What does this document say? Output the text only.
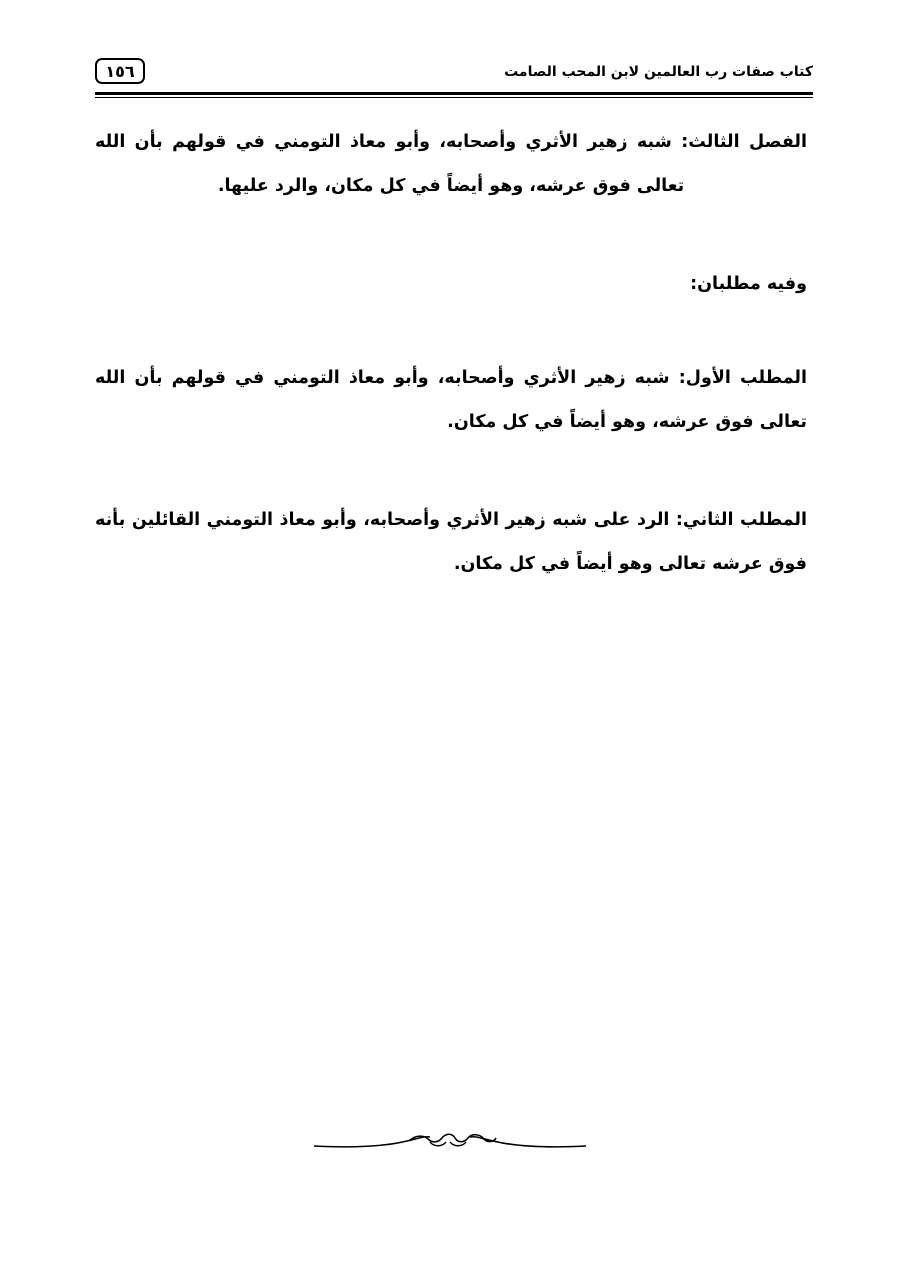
١٥٦	كتاب صفات رب العالمين لابن المحب الصامت

الفصل الثالث: شبه زهير الأثري وأصحابه، وأبو معاذ التومني في قولهم بأن الله تعالى فوق عرشه، وهو أيضاً في كل مكان، والرد عليها.

وفيه مطلبان:

المطلب الأول: شبه زهير الأثري وأصحابه، وأبو معاذ التومني في قولهم بأن الله تعالى فوق عرشه، وهو أيضاً في كل مكان.

المطلب الثاني: الرد على شبه زهير الأثري وأصحابه، وأبو معاذ التومني القائلين بأنه فوق عرشه تعالى وهو أيضاً في كل مكان.
